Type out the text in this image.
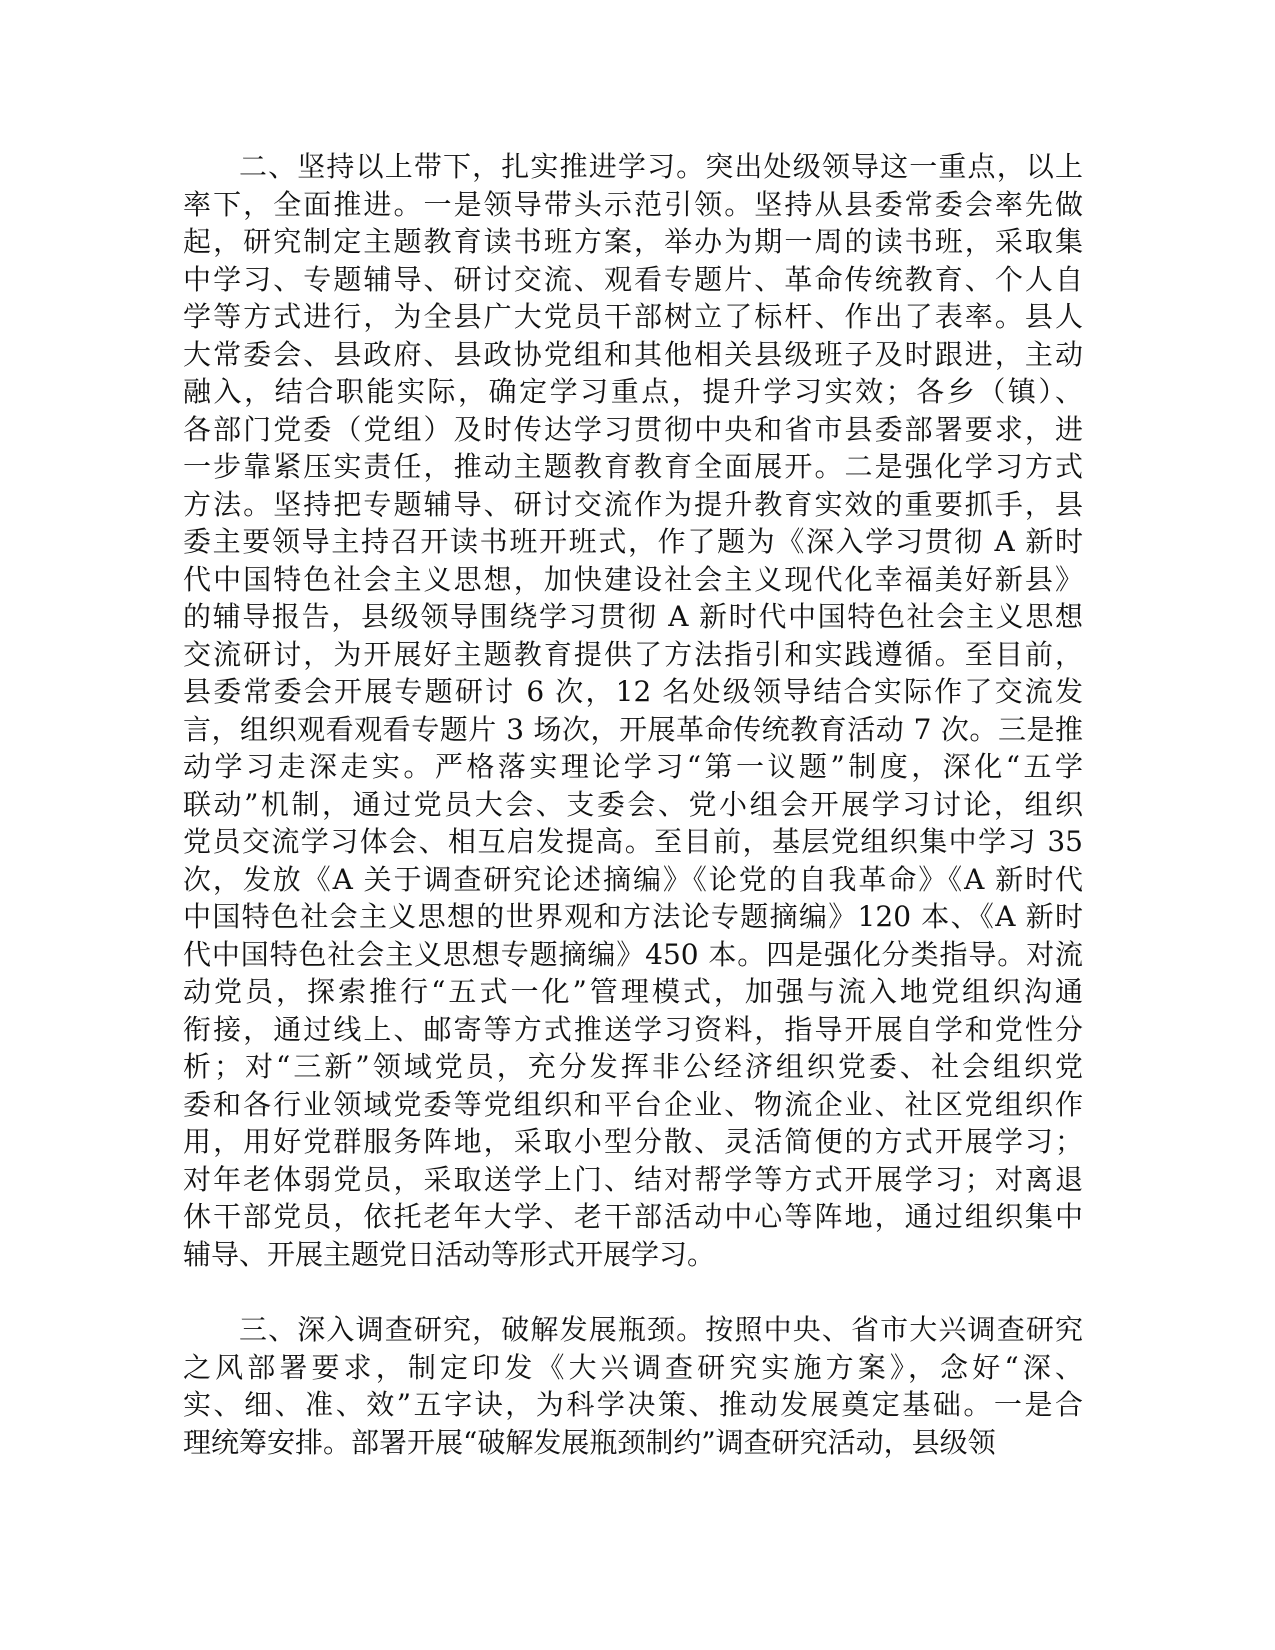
二、坚持以上带下，扎实推进学习。突出处级领导这一重点，以上
率下，全面推进。一是领导带头示范引领。坚持从县委常委会率先做
起，研究制定主题教育读书班方案，举办为期一周的读书班，采取集
中学习、专题辅导、研讨交流、观看专题片、革命传统教育、个人自
学等方式进行，为全县广大党员干部树立了标杆、作出了表率。县人
大常委会、县政府、县政协党组和其他相关县级班子及时跟进，主动
融入，结合职能实际，确定学习重点，提升学习实效；各乡（镇）、
各部门党委（党组）及时传达学习贯彻中央和省市县委部署要求，进
一步靠紧压实责任，推动主题教育教育全面展开。二是强化学习方式
方法。坚持把专题辅导、研讨交流作为提升教育实效的重要抓手，县
委主要领导主持召开读书班开班式，作了题为《深入学习贯彻 A 新时
代中国特色社会主义思想，加快建设社会主义现代化幸福美好新县》
的辅导报告，县级领导围绕学习贯彻 A 新时代中国特色社会主义思想
交流研讨，为开展好主题教育提供了方法指引和实践遵循。至目前，
县委常委会开展专题研讨 6 次，12 名处级领导结合实际作了交流发
言，组织观看观看专题片 3 场次，开展革命传统教育活动 7 次。三是推
动学习走深走实。严格落实理论学习“第一议题”制度，深化“五学
联动”机制，通过党员大会、支委会、党小组会开展学习讨论，组织
党员交流学习体会、相互启发提高。至目前，基层党组织集中学习 35
次，发放《A 关于调查研究论述摘编》《论党的自我革命》《A 新时代
中国特色社会主义思想的世界观和方法论专题摘编》120 本、《A 新时
代中国特色社会主义思想专题摘编》450 本。四是强化分类指导。对流
动党员，探索推行“五式一化”管理模式，加强与流入地党组织沟通
衔接，通过线上、邮寄等方式推送学习资料，指导开展自学和党性分
析；对“三新”领域党员，充分发挥非公经济组织党委、社会组织党
委和各行业领域党委等党组织和平台企业、物流企业、社区党组织作
用，用好党群服务阵地，采取小型分散、灵活简便的方式开展学习；
对年老体弱党员，采取送学上门、结对帮学等方式开展学习；对离退
休干部党员，依托老年大学、老干部活动中心等阵地，通过组织集中
辅导、开展主题党日活动等形式开展学习。
三、深入调查研究，破解发展瓶颈。按照中央、省市大兴调查研究
之风部署要求，制定印发《大兴调查研究实施方案》，念好“深、
实、细、准、效”五字诀，为科学决策、推动发展奠定基础。一是合
理统筹安排。部署开展“破解发展瓶颈制约”调查研究活动，县级领
